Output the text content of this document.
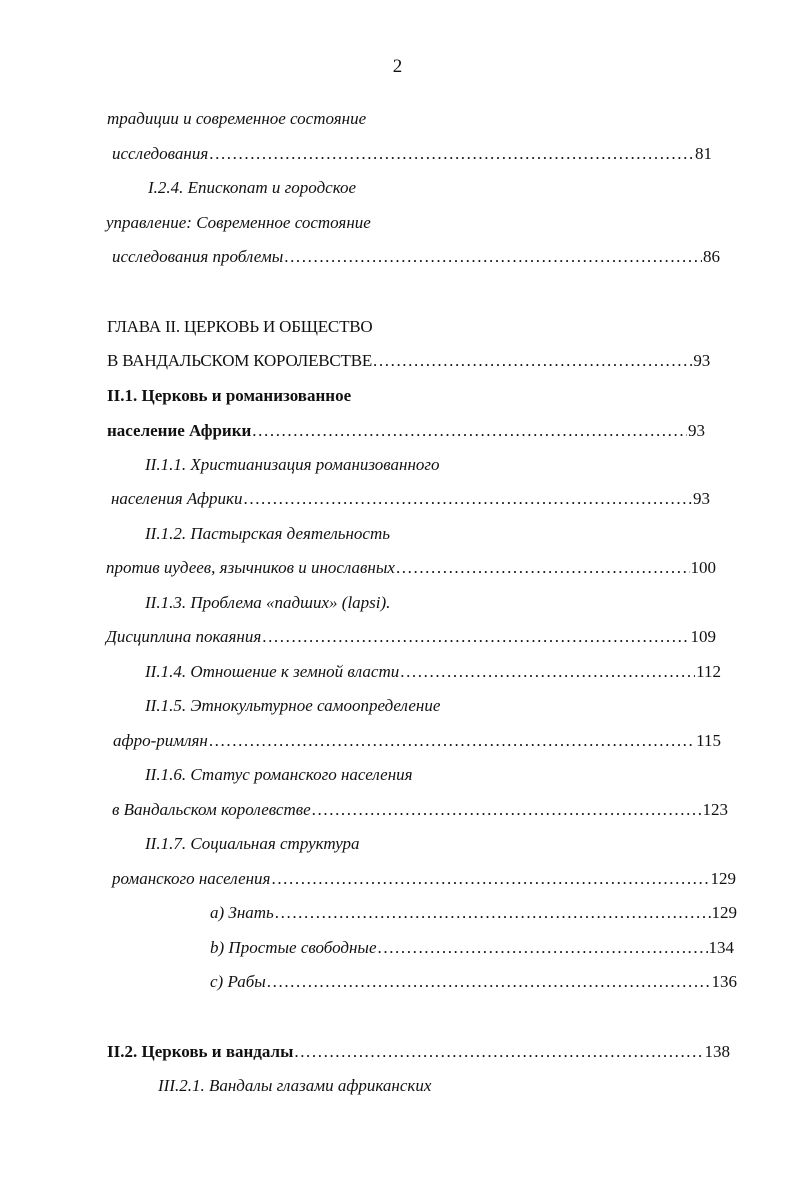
2
традиции и современное состояние
исследования .....	81
I.2.4. Епископат и городское
управление: Современное состояние
исследования проблемы .....	86
ГЛАВА II. ЦЕРКОВЬ И ОБЩЕСТВО
В ВАНДАЛЬСКОМ КОРОЛЕВСТВЕ .....	93
II.1. Церковь и романизованное
население Африки .....	93
II.1.1. Христианизация романизованного
населения Африки .....	93
II.1.2. Пастырская деятельность
против иудеев, язычников и инославных .....	100
II.1.3. Проблема «падших» (lapsi).
Дисциплина покаяния .....	109
II.1.4. Отношение к земной власти .....	112
II.1.5. Этнокультурное самоопределение
афро-римлян .....	115
II.1.6. Статус романского населения
в Вандальском королевстве .....	123
II.1.7. Социальная структура
романского населения .....	129
a) Знать .....	129
b) Простые свободные .....	134
c) Рабы .....	136
II.2. Церковь и вандалы .....	138
III.2.1. Вандалы глазами африканских
